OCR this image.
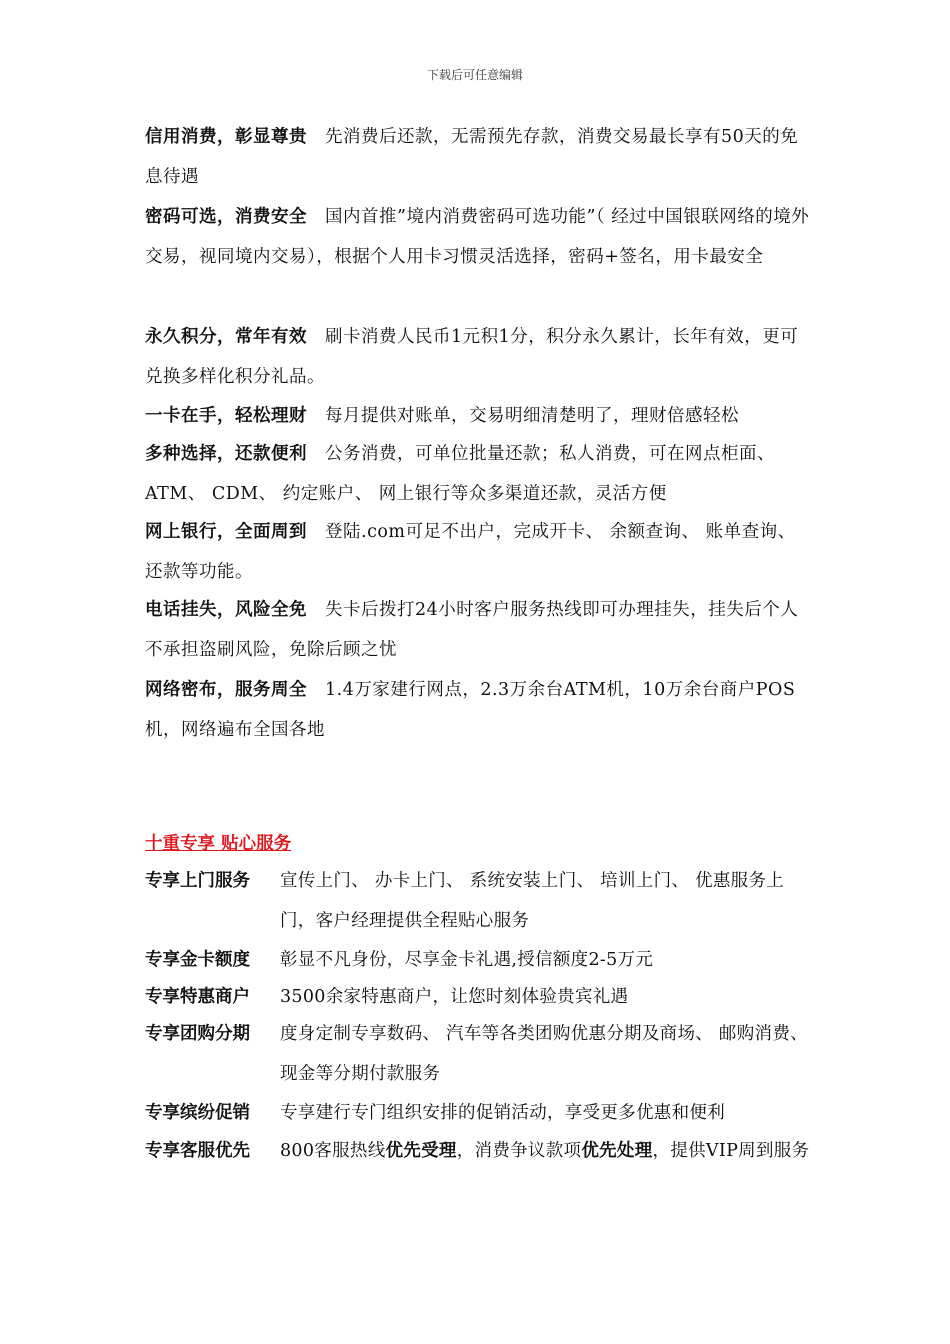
下载后可任意编辑
信用消费，彰显尊贵 先消费后还款，无需预先存款，消费交易最长享有50天的免息待遇
密码可选，消费安全 国内首推”境内消费密码可选功能”（ 经过中国银联网络的境外交易，视同境内交易），根据个人用卡习惯灵活选择，密码+签名，用卡最安全
永久积分，常年有效 刷卡消费人民币1元积1分，积分永久累计，长年有效，更可兑换多样化积分礼品。
一卡在手，轻松理财 每月提供对账单，交易明细清楚明了，理财倍感轻松
多种选择，还款便利 公务消费，可单位批量还款；私人消费，可在网点柜面、 ATM、 CDM、 约定账户、 网上银行等众多渠道还款，灵活方便
网上银行，全面周到 登陆.com可足不出户，完成开卡、 余额查询、 账单查询、 还款等功能。
电话挂失，风险全免 失卡后拨打24小时客户服务热线即可办理挂失，挂失后个人不承担盗刷风险，免除后顾之忧
网络密布，服务周全 1.4万家建行网点，2.3万余台ATM机，10万余台商户POS机，网络遍布全国各地
十重专享 贴心服务
专享上门服务	宣传上门、 办卡上门、 系统安装上门、 培训上门、 优惠服务上门，客户经理提供全程贴心服务
专享金卡额度	彰显不凡身份，尽享金卡礼遇,授信额度2-5万元
专享特惠商户	3500余家特惠商户，让您时刻体验贵宾礼遇
专享团购分期	度身定制专享数码、 汽车等各类团购优惠分期及商场、 邮购消费、 现金等分期付款服务
专享缤纷促销	专享建行专门组织安排的促销活动，享受更多优惠和便利
专享客服优先	800客服热线优先受理，消费争议款项优先处理，提供VIP周到服务
